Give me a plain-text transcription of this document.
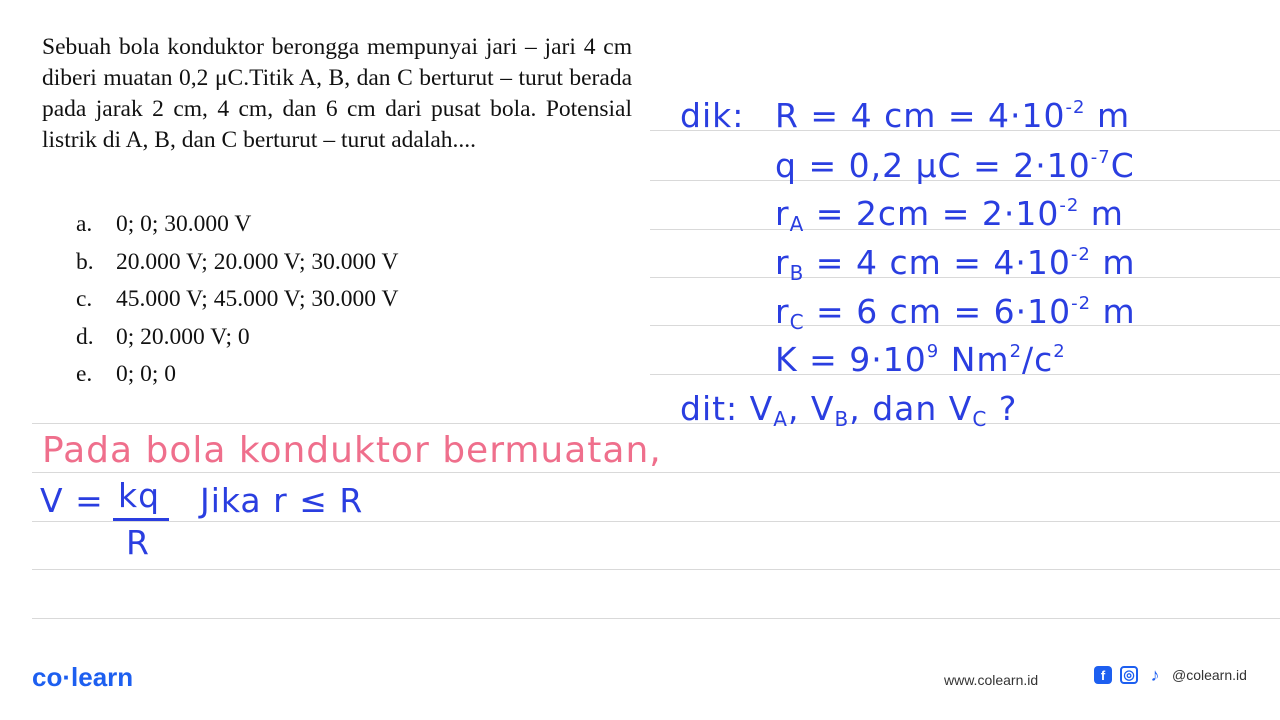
Sebuah bola konduktor berongga mempunyai jari – jari 4 cm diberi muatan 0,2 μC.Titik A, B, dan C berturut – turut berada pada jarak 2 cm, 4 cm, dan 6 cm dari pusat bola. Potensial listrik di A, B, dan C berturut – turut adalah....
a.	0; 0; 30.000 V
b. 20.000 V; 20.000 V; 30.000 V
c.	45.000 V; 45.000 V; 30.000 V
d. 0; 20.000 V; 0
e.	0; 0; 0
dik: R = 4 cm = $4\cdot 10^{-2}$ m
q = 0,2 $\mu C = 2\cdot 10^{-7}C$
$r_A = 2cm = 2\cdot 10^{-2}$ m
$r_B = 4$ cm = $4\cdot 10^{-2}$ m
$r_C = 6$ cm = $6\cdot 10^{-2}$ m
$K = 9\cdot 10^9$ $Nm^2/c^2$
dit: $V_A$, $V_B$, dan $V_C$ ?
Pada bola konduktor bermuatan,
V = kq
R
Jika r ≤ R
co·learn	www.colearn.id	f	◎ ♪ @colearn.id
